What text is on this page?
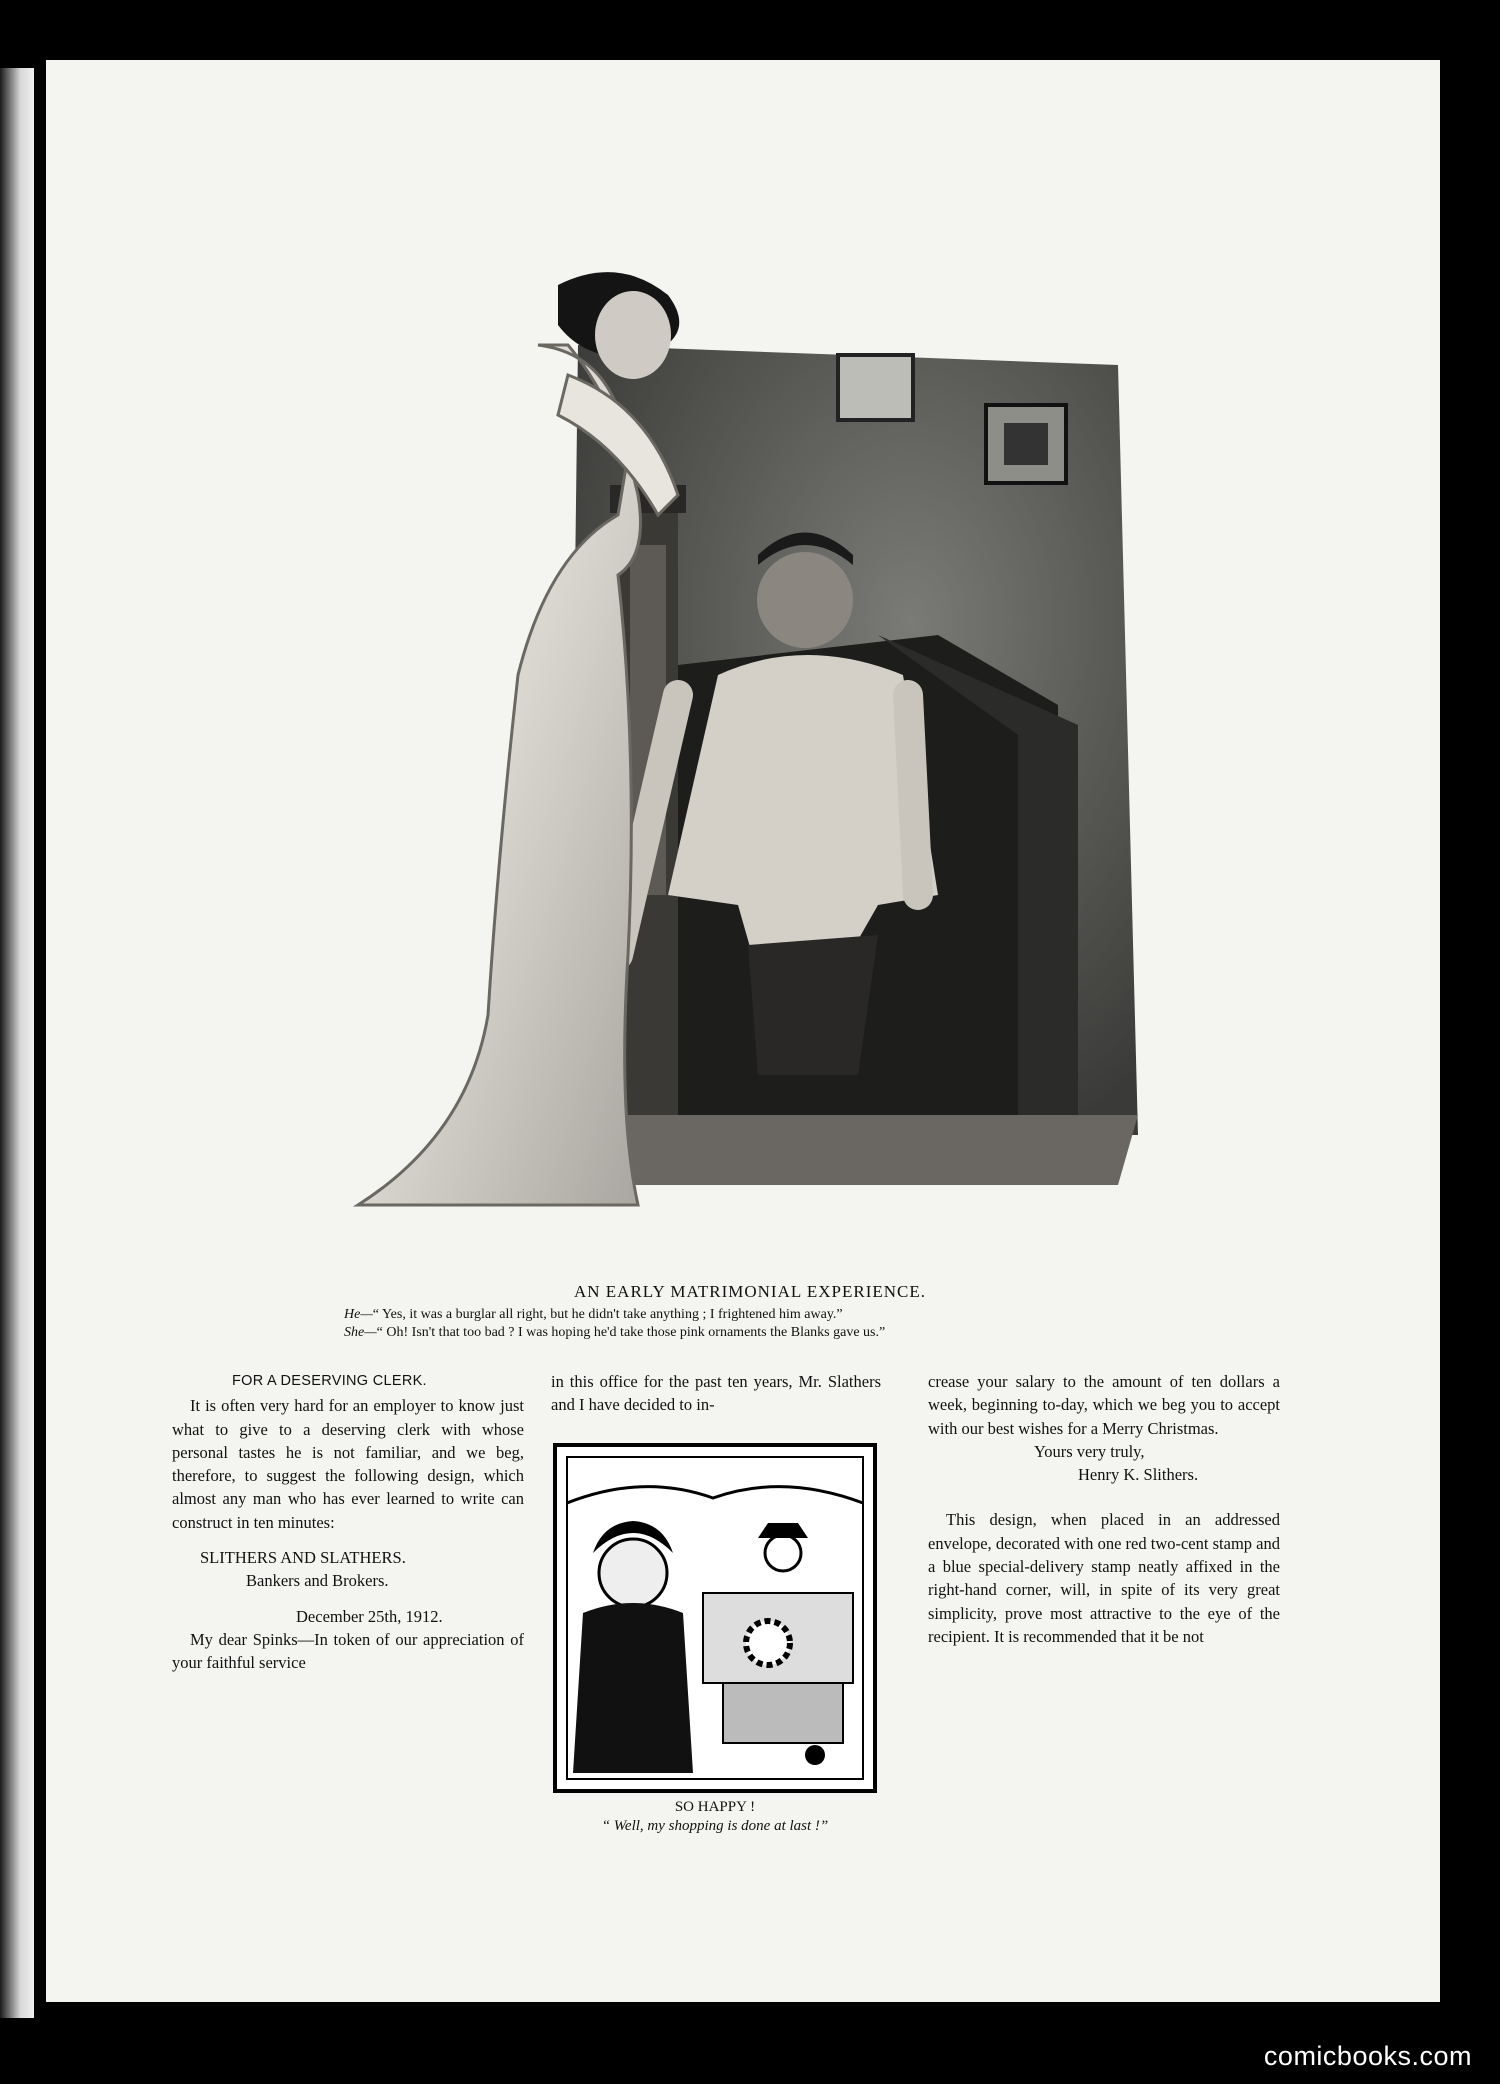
AN EARLY MATRIMONIAL EXPERIENCE.
He—“ Yes, it was a burglar all right, but he didn't take anything ; I frightened him away.”
She—“ Oh! Isn't that too bad ? I was hoping he'd take those pink ornaments the Blanks gave us.”

FOR A DESERVING CLERK.

It is often very hard for an employer to know just what to give to a deserving clerk with whose personal tastes he is not familiar, and we beg, therefore, to suggest the following design, which almost any man who has ever learned to write can construct in ten minutes:

SLITHERS AND SLATHERS.

Bankers and Brokers.

December 25th, 1912.

My dear Spinks—In token of our appreciation of your faithful service

in this office for the past ten years, Mr. Slathers and I have decided to in-

SO HAPPY !
“ Well, my shopping is done at last !”

crease your salary to the amount of ten dollars a week, beginning to-day, which we beg you to accept with our best wishes for a Merry Christmas.

Yours very truly,

Henry K. Slithers.

This design, when placed in an addressed envelope, decorated with one red two-cent stamp and a blue special-delivery stamp neatly affixed in the right-hand corner, will, in spite of its very great simplicity, prove most attractive to the eye of the recipient. It is recommended that it be not

comicbooks.com
